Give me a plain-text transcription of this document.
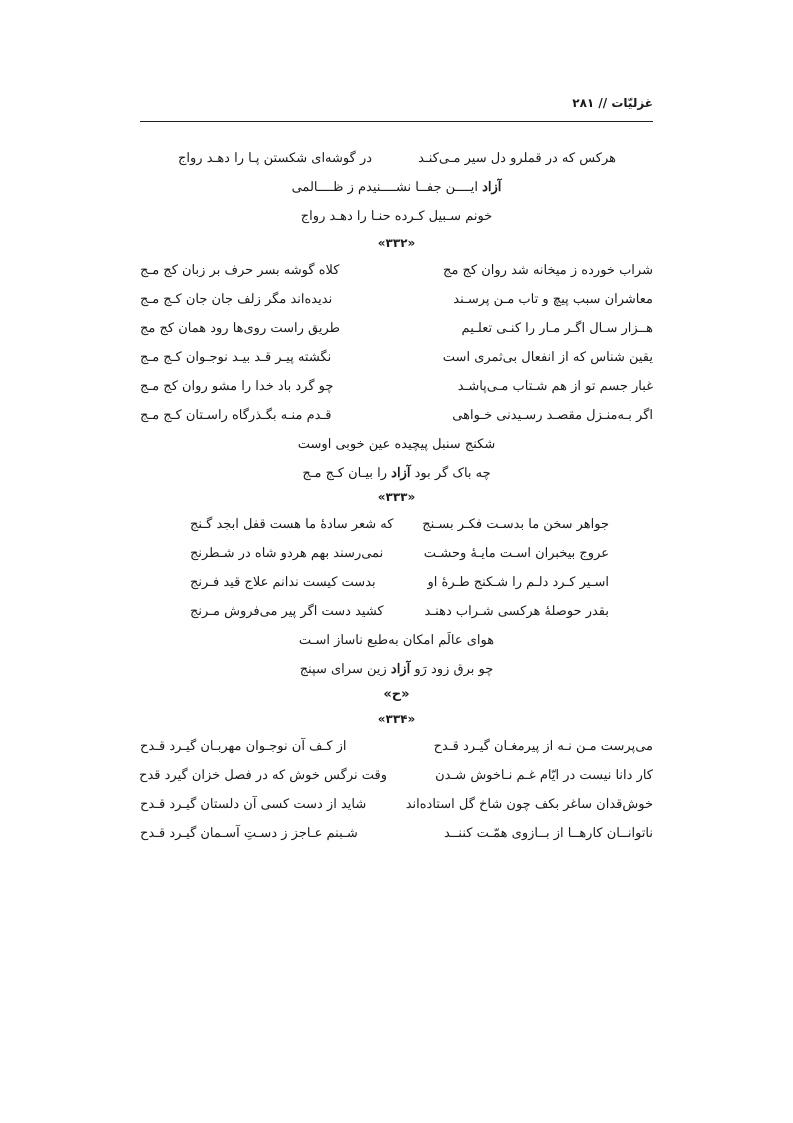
غزلیّات // ۲۸۱
هرکس که در قملرو دل سیر مـی‌کنـد
در گوشه‌ای شکستن پـا را دهـد رواج
آزاد ایــــن جفــا نشــــنیدم ز ظــــالمی
خونم سـبیل کـرده حنـا را دهـد رواج
«۳۳۲»
شراب خورده ز میخانه شد روان کج مج
کلاه گوشه بسر حرف بر زبان کج مـج
معاشران سبب پیچ و تاب مـن پرسـند
ندیده‌اند مگر زلف جان جان کـج مـج
هــزار سـال اگـر مـار را کنـی تعلـیم
طریق راست روی‌ها رود همان کج مج
یقین شناس که از انفعال بی‌ثمری است
نگشته پیـر قـد بیـد نوجـوان کـج مـج
غبار جسم تو از هم شـتاب مـی‌پاشـد
چو گرد باد خدا را مشو روان کج مـج
اگر بـه‌منـزل مقصـد رسـیدنی خـواهی
قـدم منـه بگـذرگاه راسـتان کـج مـج
شکنج سنبل پیچیده عین خوبی اوست
چه باک گر بود آزاد را بیـان کـج مـج
«۳۳۳»
جواهر سخن ما بدسـت فکـر بسـنج
که شعر سادهٔ ما هست قفل ابجد گـنج
عروج بیخبران اسـت مایـهٔ وحشـت
نمی‌رسند بهم هردو شاه در شـطرنج
اسـیر کـرد دلـم را شـکنج طـرهٔ او
بدست کیست ندانم علاج قید فـرنج
بقدر حوصلهٔ هرکسی شـراب دهنـد
کشید دست اگر پیر می‌فروش مـرنج
هوای عالَم امکان به‌طبع ناساز اسـت
چو برق زود رَو آزاد زین سرای سپنج
«ح»
«۳۳۴»
می‌پرست مـن نـه از پیرمغـان گیـرد قـدح
از کـف آن نوجـوان مهربـان گیـرد قـدح
کار دانا نیست در ایّام غـم نـاخوش شـدن
وقت نرگس خوش که در فصل خزان گیرد قدح
خوش‌قدان ساغر بکف چون شاخ گل استاده‌اند
شاید از دست کسی آن دلستان گیـرد قـدح
ناتوانــان کارهــا از بــازوی همّـت کننــد
شـبنم عـاجز ز دسـتِ آسـمان گیـرد قـدح
